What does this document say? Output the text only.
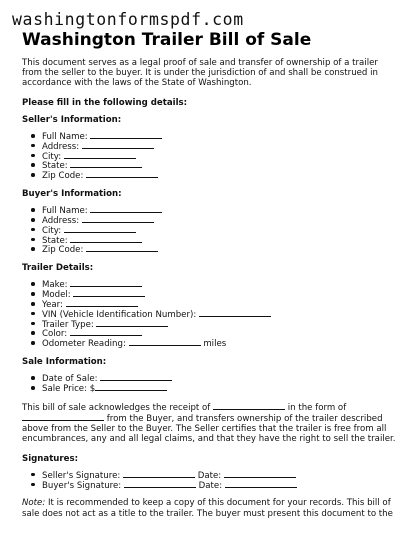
washingtonformspdf.com
Washington Trailer Bill of Sale

This document serves as a legal proof of sale and transfer of ownership of a trailer from the seller to the buyer. It is under the jurisdiction of and shall be construed in accordance with the laws of the State of Washington.

Please fill in the following details:

Seller's Information:

Full Name:
Address:
City:
State:
Zip Code:

Buyer's Information:

Full Name:
Address:
City:
State:
Zip Code:

Trailer Details:

Make:
Model:
Year:
VIN (Vehicle Identification Number):
Trailer Type:
Color:
Odometer Reading:	miles

Sale Information:

Date of Sale:
Sale Price: $

This bill of sale acknowledges the receipt of	in the form of  from the Buyer, and transfers ownership of the trailer described above from the Seller to the Buyer. The Seller certifies that the trailer is free from all encumbrances, any and all legal claims, and that they have the right to sell the trailer.

Signatures:

Seller's Signature:	Date:
Buyer's Signature:	Date:

Note: It is recommended to keep a copy of this document for your records. This bill of sale does not act as a title to the trailer. The buyer must present this document to the
